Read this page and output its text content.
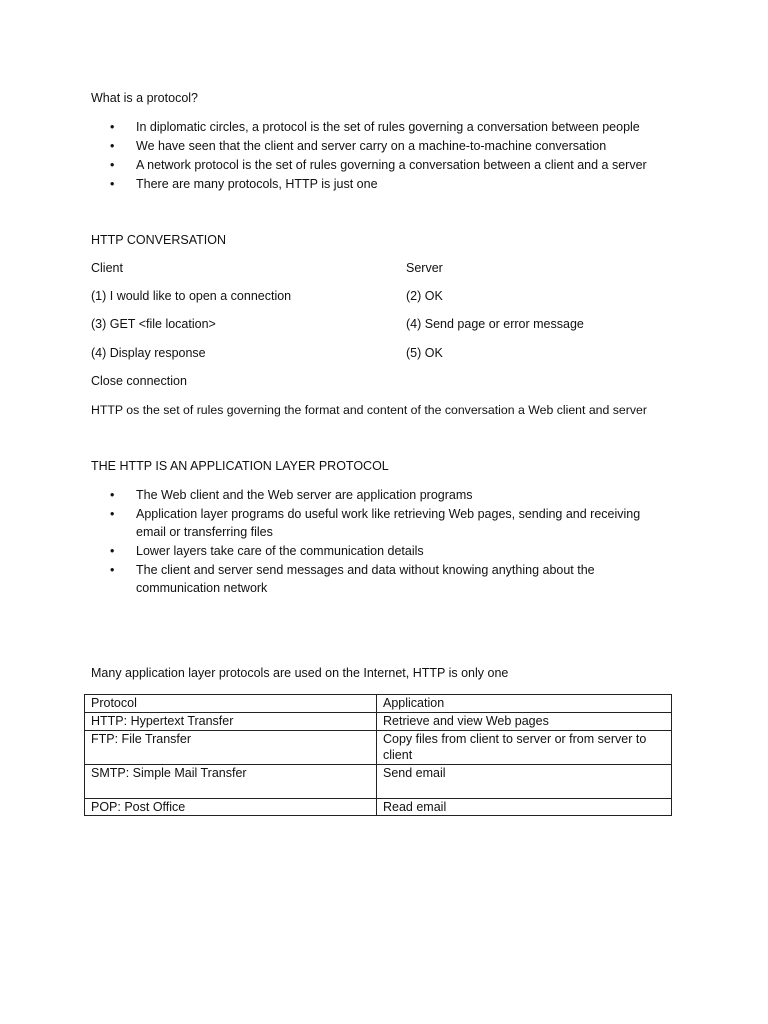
What is a protocol?

• In diplomatic circles, a protocol is the set of rules governing a conversation between people
• We have seen that the client and server carry on a machine-to-machine conversation
• A network protocol is the set of rules governing a conversation between a client and a server
• There are many protocols, HTTP is just one

HTTP CONVERSATION

Client	Server

(1) I would like to open a connection	(2) OK

(3) GET <file location>	(4) Send page or error message

(4) Display response	(5) OK

Close connection

HTTP os the set of rules governing the format and content of the conversation a Web client and server

THE HTTP IS AN APPLICATION LAYER PROTOCOL

• The Web client and the Web server are application programs
• Application layer programs do useful work like retrieving Web pages, sending and receiving email or transferring files
• Lower layers take care of the communication details
• The client and server send messages and data without knowing anything about the communication network

Many application layer protocols are used on the Internet, HTTP is only one

Protocol	Application
HTTP: Hypertext Transfer	Retrieve and view Web pages
FTP: File Transfer	Copy files from client to server or from server to client
SMTP: Simple Mail Transfer	Send email
POP: Post Office	Read email
